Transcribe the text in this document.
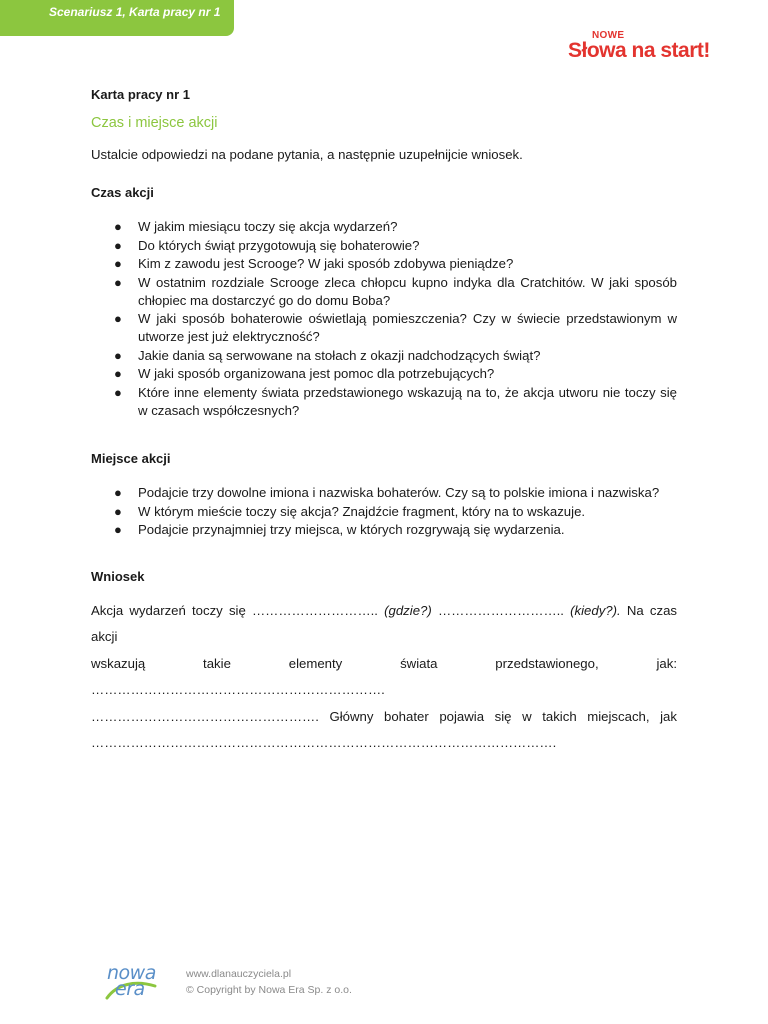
Scenariusz 1, Karta pracy nr 1
NOWE
Słowa na start!
Karta pracy nr 1
Czas i miejsce akcji
Ustalcie odpowiedzi na podane pytania, a następnie uzupełnijcie wniosek.
Czas akcji
● W jakim miesiącu toczy się akcja wydarzeń?
● Do których świąt przygotowują się bohaterowie?
● Kim z zawodu jest Scrooge? W jaki sposób zdobywa pieniądze?
● W ostatnim rozdziale Scrooge zleca chłopcu kupno indyka dla Cratchitów. W jaki sposób chłopiec ma dostarczyć go do domu Boba?
● W jaki sposób bohaterowie oświetlają pomieszczenia? Czy w świecie przedstawionym w utworze jest już elektryczność?
● Jakie dania są serwowane na stołach z okazji nadchodzących świąt?
● W jaki sposób organizowana jest pomoc dla potrzebujących?
● Które inne elementy świata przedstawionego wskazują na to, że akcja utworu nie toczy się w czasach współczesnych?
Miejsce akcji
● Podajcie trzy dowolne imiona i nazwiska bohaterów. Czy są to polskie imiona i nazwiska?
● W którym mieście toczy się akcja? Znajdźcie fragment, który na to wskazuje.
● Podajcie przynajmniej trzy miejsca, w których rozgrywają się wydarzenia.
Wniosek

Akcja wydarzeń toczy się ……………………….. (gdzie?) ……………………….. (kiedy?). Na czas akcji

wskazują takie elementy świata przedstawionego, jak: ………………………………………………………….

……………………………………………. Główny bohater pojawia się w takich miejscach, jak

…………………………………………………………………………………………….

nowa
era
www.dlanauczyciela.pl
© Copyright by Nowa Era Sp. z o.o.
